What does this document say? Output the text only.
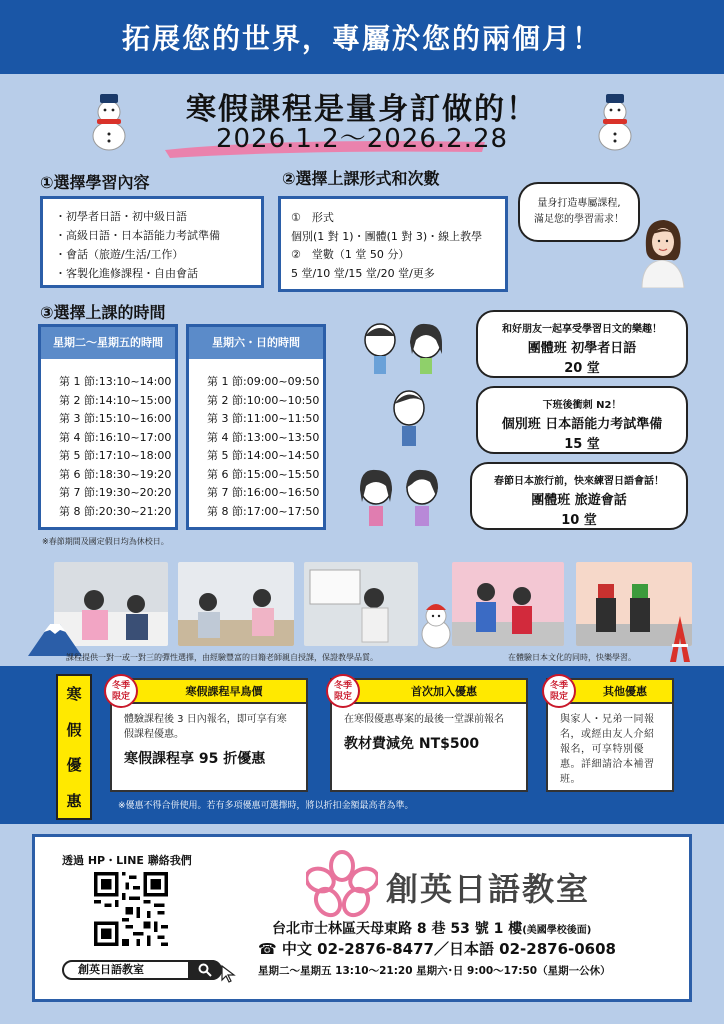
拓展您的世界，專屬於您的兩個月！
寒假課程是量身訂做的！
2026.1.2〜2026.2.28
①選擇學習內容
・初學者日語・初中級日語
・高級日語・日本語能力考試準備
・會話（旅遊/生活/工作）
・客製化進修課程・自由會話
②選擇上課形式和次數
①　形式
個別(1 對 1)・團體(1 對 3)・線上教學
②　堂數（1 堂 50 分）
5 堂/10 堂/15 堂/20 堂/更多
量身打造專屬課程,
滿足您的學習需求！
③選擇上課的時間
星期二～星期五的時間
第 1 節:13:10~14:00
第 2 節:14:10~15:00
第 3 節:15:10~16:00
第 4 節:16:10~17:00
第 5 節:17:10~18:00
第 6 節:18:30~19:20
第 7 節:19:30~20:20
第 8 節:20:30~21:20
星期六・日的時間
第 1 節:09:00~09:50
第 2 節:10:00~10:50
第 3 節:11:00~11:50
第 4 節:13:00~13:50
第 5 節:14:00~14:50
第 6 節:15:00~15:50
第 7 節:16:00~16:50
第 8 節:17:00~17:50
※春節期間及國定假日均為休校日。
和好朋友一起享受學習日文的樂趣！
團體班 初學者日語
20 堂
下班後衝刺 N2！
個別班 日本語能力考試準備
15 堂
春節日本旅行前，快來練習日語會話！
團體班 旅遊會話
10 堂
課程提供一對一或一對三的彈性選擇，由經驗豐富的日籍老師親自授課，保證教學品質。	在體驗日本文化的同時，快樂學習。
寒
假
優
惠
寒假課程早鳥價
體驗課程後 3 日內報名，即可享有寒假課程優惠。
寒假課程享 95 折優惠
冬季
限定	首次加入優惠
在寒假優惠專案的最後一堂課前報名
教材費減免 NT$500
冬季
限定	其他優惠
與家人・兄弟一同報名，或經由友人介紹報名，可享特別優惠。詳細請洽本補習班。
冬季
限定
※優惠不得合併使用。若有多項優惠可選擇時，將以折扣金額最高者為準。
透過 HP・LINE 聯絡我們
創英日語教室
創英日語教室
台北市士林區天母東路 8 巷 53 號 1 樓(美國學校後面)
☎ 中文 02-2876-8477／日本語 02-2876-0608
星期二～星期五 13:10～21:20 星期六･日 9:00～17:50（星期一公休）
